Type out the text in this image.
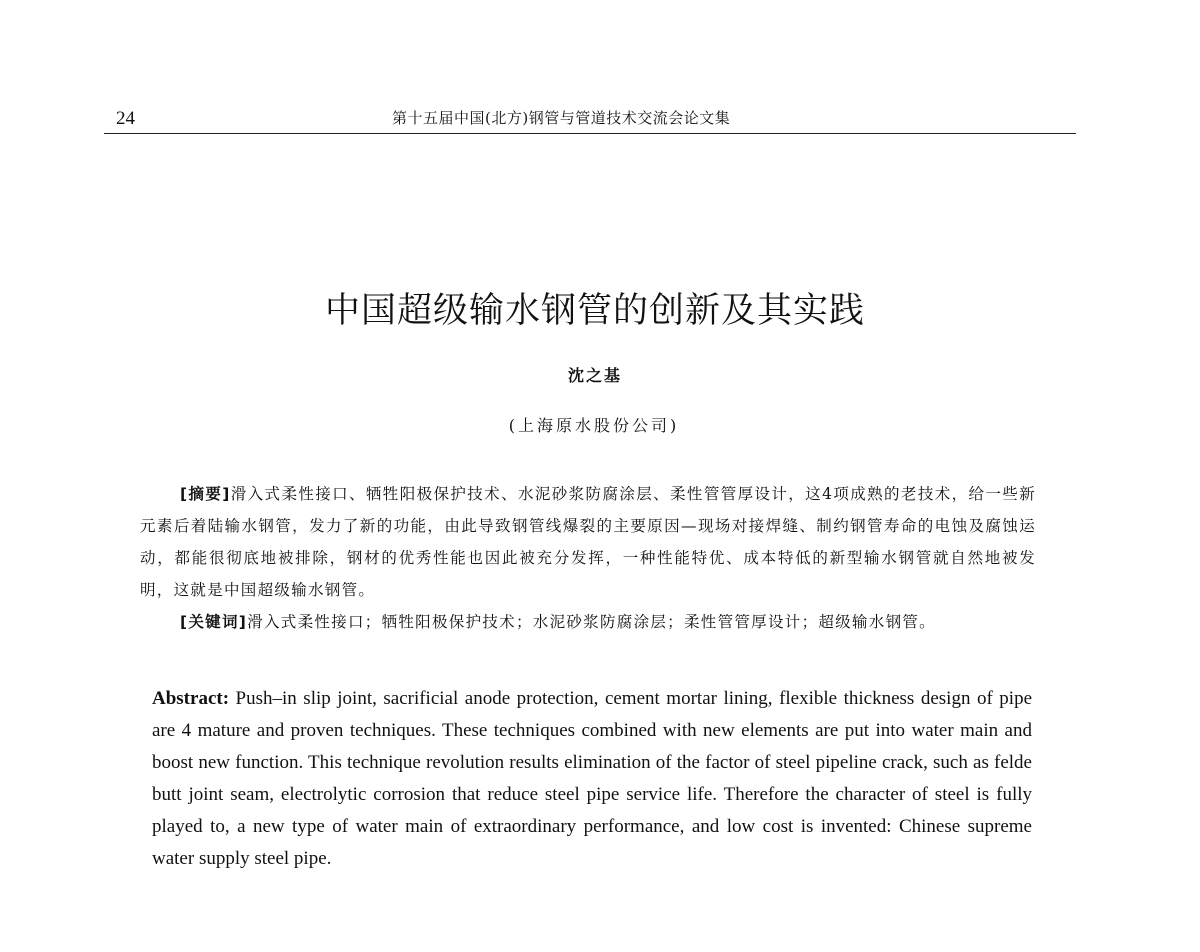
24	第十五届中国(北方)钢管与管道技术交流会论文集
中国超级输水钢管的创新及其实践
沈之基
(上海原水股份公司)

[摘要]滑入式柔性接口、牺牲阳极保护技术、水泥砂浆防腐涂层、柔性管管厚设计，这4项成熟的老技术，给一些新元素后着陆输水钢管，发力了新的功能，由此导致钢管线爆裂的主要原因—现场对接焊缝、制约钢管寿命的电蚀及腐蚀运动，都能很彻底地被排除，钢材的优秀性能也因此被充分发挥，一种性能特优、成本特低的新型输水钢管就自然地被发明，这就是中国超级输水钢管。

[关键词]滑入式柔性接口；牺牲阳极保护技术；水泥砂浆防腐涂层；柔性管管厚设计；超级输水钢管。

Abstract: Push–in slip joint, sacrificial anode protection, cement mortar lining, flexible thickness design of pipe are 4 mature and proven techniques. These techniques combined with new elements are put into water main and boost new function. This technique revolution results elimination of the factor of steel pipeline crack, such as felde butt joint seam, electrolytic corrosion that reduce steel pipe service life. Therefore the character of steel is fully played to, a new type of water main of extraordinary performance, and low cost is invented: Chinese supreme water supply steel pipe.
